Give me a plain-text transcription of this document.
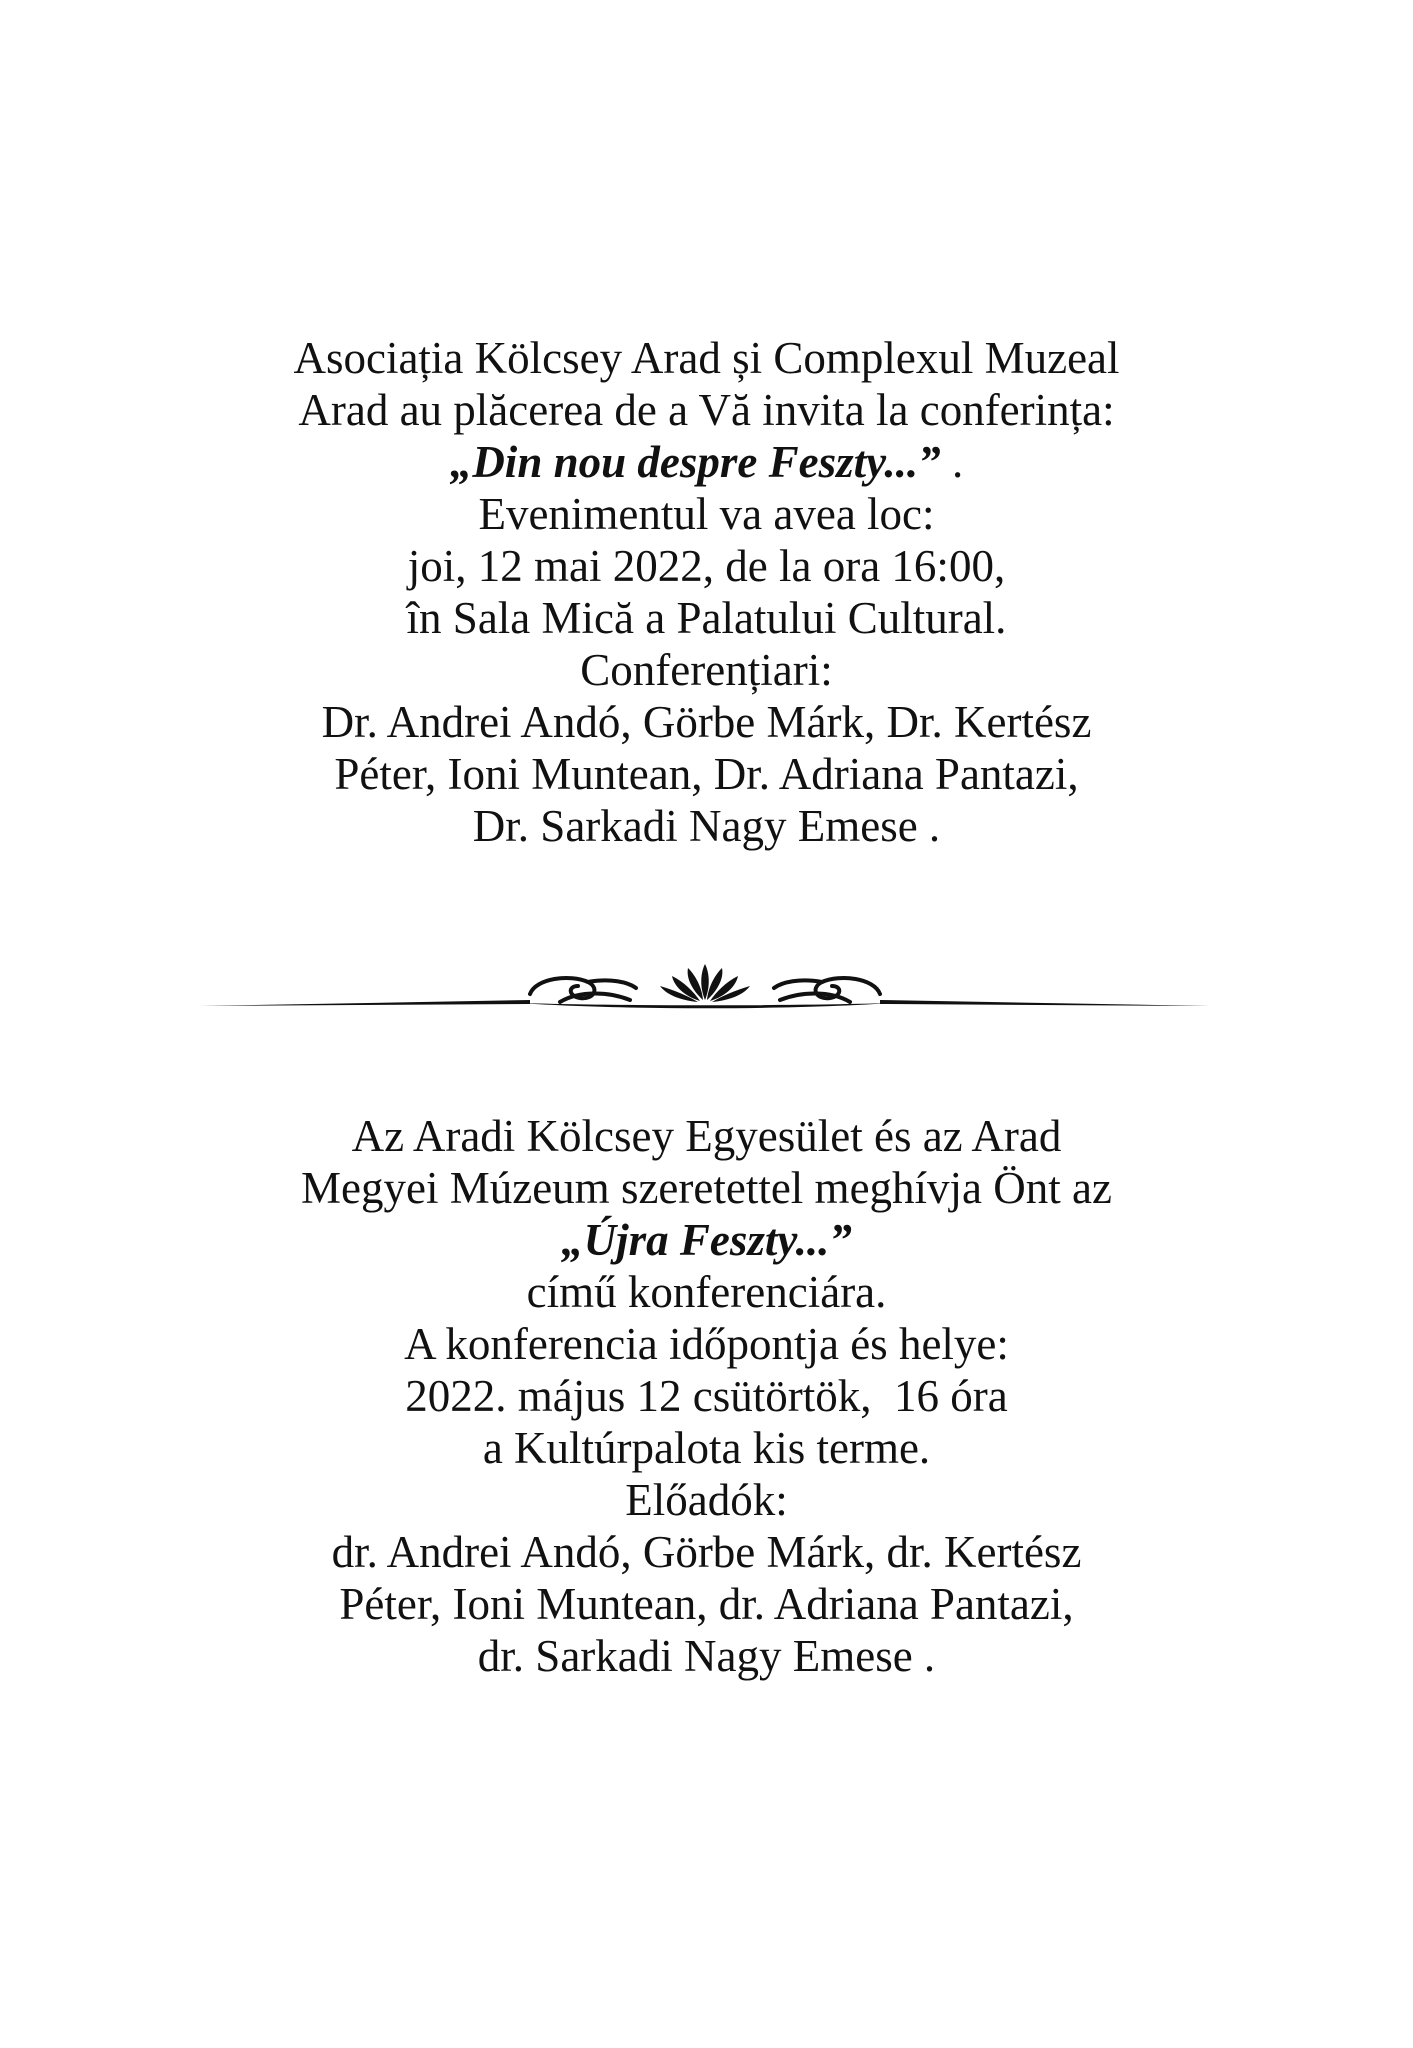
Asociația Kölcsey Arad și Complexul Muzeal
Arad au plăcerea de a Vă invita la conferința:
„Din nou despre Feszty...” .
Evenimentul va avea loc:
joi, 12 mai 2022, de la ora 16:00,
în Sala Mică a Palatului Cultural.
Conferențiari:
Dr. Andrei Andó, Görbe Márk, Dr. Kertész
Péter, Ioni Muntean, Dr. Adriana Pantazi,
Dr. Sarkadi Nagy Emese .
Az Aradi Kölcsey Egyesület és az Arad
Megyei Múzeum szeretettel meghívja Önt az
„Újra Feszty...”
című konferenciára.
A konferencia időpontja és helye:
2022. május 12 csütörtök,  16 óra
a Kultúrpalota kis terme.
Előadók:
dr. Andrei Andó, Görbe Márk, dr. Kertész
Péter, Ioni Muntean, dr. Adriana Pantazi,
dr. Sarkadi Nagy Emese .
